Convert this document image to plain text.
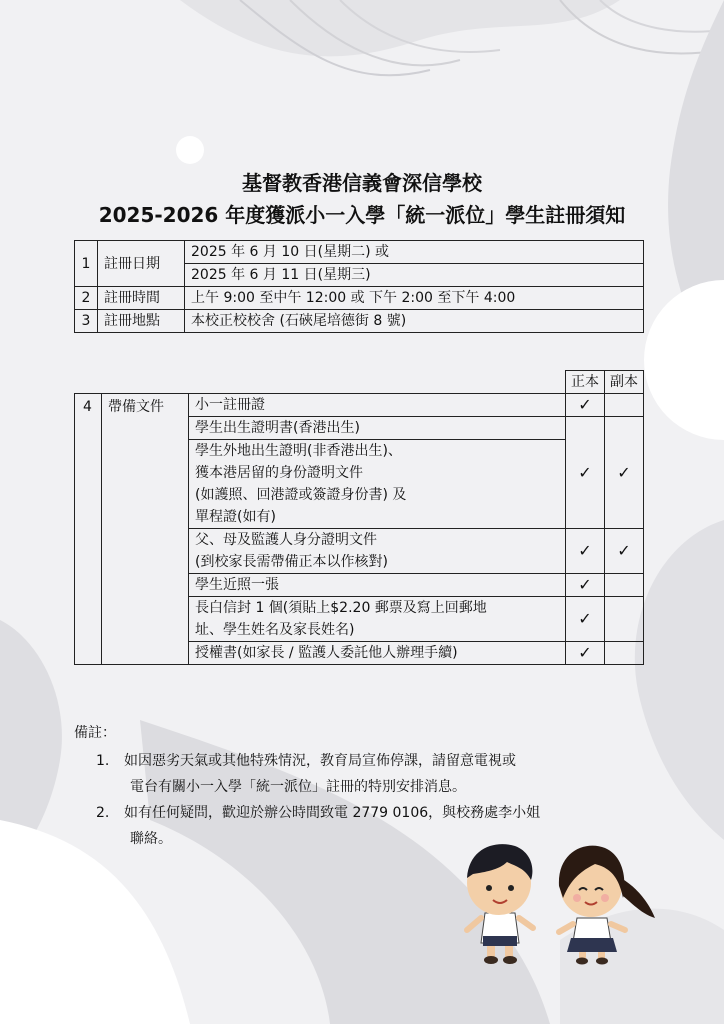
基督教香港信義會深信學校
2025-2026 年度獲派小一入學「統一派位」學生註冊須知
1	註冊日期	2025 年 6 月 10 日(星期二) 或
		2025 年 6 月 11 日(星期三)
2	註冊時間	上午 9:00 至中午 12:00 或 下午 2:00 至下午 4:00
3	註冊地點	本校正校校舍 (石硤尾培德街 8 號)
			正本	副本
4	帶備文件	小一註冊證	✓	
		學生出生證明書(香港出生)	✓	✓
		學生外地出生證明(非香港出生)、
獲本港居留的身份證明文件
(如護照、回港證或簽證身份書) 及
單程證(如有)		
		父、母及監護人身分證明文件
(到校家長需帶備正本以作核對)	✓	✓
		學生近照一張	✓	
		長白信封 1 個(須貼上$2.20 郵票及寫上回郵地
址、學生姓名及家長姓名)	✓	
		授權書(如家長 / 監護人委託他人辦理手續)	✓	
備註：
1. 如因惡劣天氣或其他特殊情況，教育局宣佈停課，請留意電視或
電台有關小一入學「統一派位」註冊的特別安排消息。
2. 如有任何疑問，歡迎於辦公時間致電 2779 0106，與校務處李小姐
聯絡。
